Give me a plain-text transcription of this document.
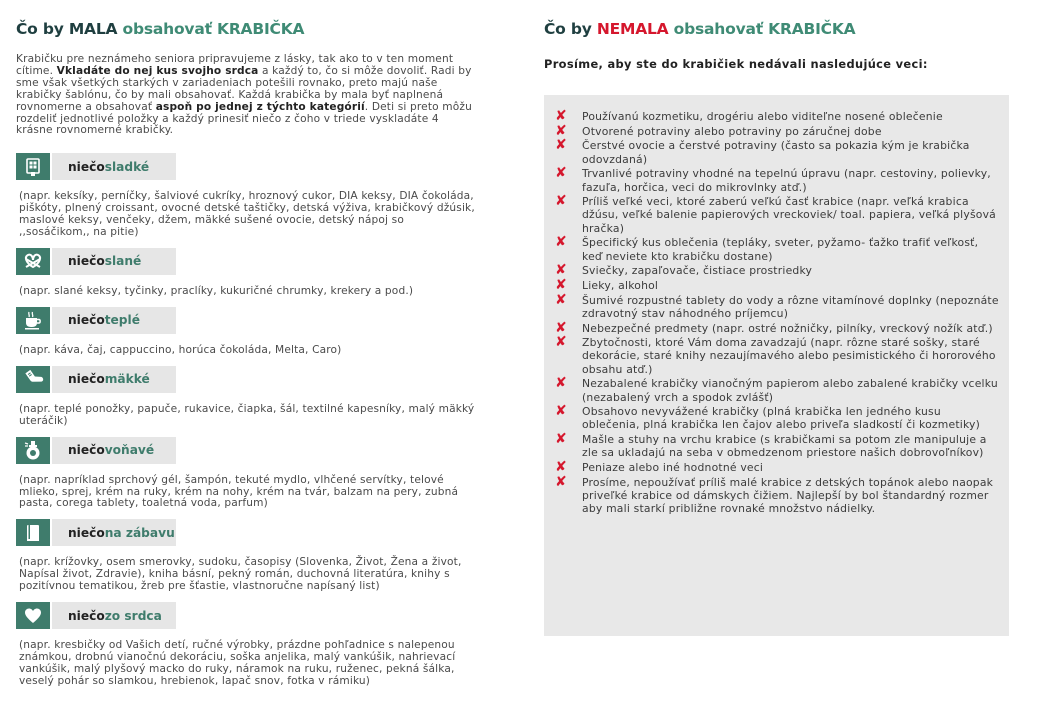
Čo by MALA obsahovať KRABIČKA
Krabičku pre neznámeho seniora pripravujeme z lásky, tak ako to v ten moment cítime. Vkladáte do nej kus svojho srdca a každý to, čo si môže dovoliť. Radi by sme však všetkých starkých v zariadeniach potešili rovnako, preto majú naše krabičky šablónu, čo by mali obsahovať. Každá krabička by mala byť naplnená rovnomerne a obsahovať aspoň po jednej z týchto kategórií. Deti si preto môžu rozdeliť jednotlivé položky a každý prinesiť niečo z čoho v triede vyskladáte 4 krásne rovnomerné krabičky.
niečo sladké
(napr. keksíky, perníčky, šalviové cukríky, hroznový cukor, DIA keksy, DIA čokoláda, piškóty, plnený croissant, ovocné detské taštičky, detská výživa, krabičkový džúsik, maslové keksy, venčeky, džem, mäkké sušené ovocie, detský nápoj so ,,sosáčikom,, na pitie)
niečo slané
(napr. slané keksy, tyčinky, praclíky, kukuričné chrumky, krekery a pod.)
niečo teplé
(napr. káva, čaj, cappuccino, horúca čokoláda, Melta, Caro)
niečo mäkké
(napr. teplé ponožky, papuče, rukavice, čiapka, šál, textilné kapesníky, malý mäkký uteráčik)
niečo voňavé
(napr. napríklad sprchový gél, šampón, tekuté mydlo, vlhčené servítky, telové mlieko, sprej, krém na ruky, krém na nohy, krém na tvár, balzam na pery, zubná pasta, corega tablety, toaletná voda, parfum)
niečo na zábavu
(napr. krížovky, osem smerovky, sudoku, časopisy (Slovenka, Život, Žena a život, Napísal život, Zdravie), kniha básní, pekný román, duchovná literatúra, knihy s pozitívnou tematikou, žreb pre šťastie, vlastnoručne napísaný list)
niečo zo srdca
(napr. kresbičky od Vašich detí, ručné výrobky, prázdne pohľadnice s nalepenou známkou, drobnú vianočnú dekoráciu, soška anjelika, malý vankúšik, nahrievací vankúšik, malý plyšový macko do ruky, náramok na ruku, ruženec, pekná šálka, veselý pohár so slamkou, hrebienok, lapač snov, fotka v rámiku)
Čo by NEMALA obsahovať KRABIČKA
Prosíme, aby ste do krabičiek nedávali nasledujúce veci:
✘	Používanú kozmetiku, drogériu alebo viditeľne nosené oblečenie
✘	Otvorené potraviny alebo potraviny po záručnej dobe
✘	Čerstvé ovocie a čerstvé potraviny (často sa pokazia kým je krabička odovzdaná)
✘	Trvanlivé potraviny vhodné na tepelnú úpravu (napr. cestoviny, polievky, fazuľa, horčica, veci do mikrovlnky atď.)
✘	Príliš veľké veci, ktoré zaberú veľkú časť krabice (napr. veľká krabica džúsu, veľké balenie papierových vreckoviek/ toal. papiera, veľká plyšová hračka)
✘	Špecifický kus oblečenia (tepláky, sveter, pyžamo- ťažko trafiť veľkosť, keď neviete kto krabičku dostane)
✘	Sviečky, zapaľovače, čistiace prostriedky
✘	Lieky, alkohol
✘	Šumivé rozpustné tablety do vody a rôzne vitamínové doplnky (nepoznáte zdravotný stav náhodného príjemcu)
✘	Nebezpečné predmety (napr. ostré nožničky, pilníky, vreckový nožík atď.)
✘	Zbytočnosti, ktoré Vám doma zavadzajú (napr. rôzne staré sošky, staré dekorácie, staré knihy nezaujímavého alebo pesimistického či hororového obsahu atď.)
✘	Nezabalené krabičky vianočným papierom alebo zabalené krabičky vcelku (nezabalený vrch a spodok zvlášť)
✘	Obsahovo nevyvážené krabičky (plná krabička len jedného kusu oblečenia, plná krabička len čajov alebo priveľa sladkostí či kozmetiky)
✘	Mašle a stuhy na vrchu krabice (s krabičkami sa potom zle manipuluje a zle sa ukladajú na seba v obmedzenom priestore našich dobrovoľníkov)
✘	Peniaze alebo iné hodnotné veci
✘	Prosíme, nepoužívať príliš malé krabice z detských topánok alebo naopak priveľké krabice od dámskych čižiem. Najlepší by bol štandardný rozmer aby mali starkí približne rovnaké množstvo nádielky.
